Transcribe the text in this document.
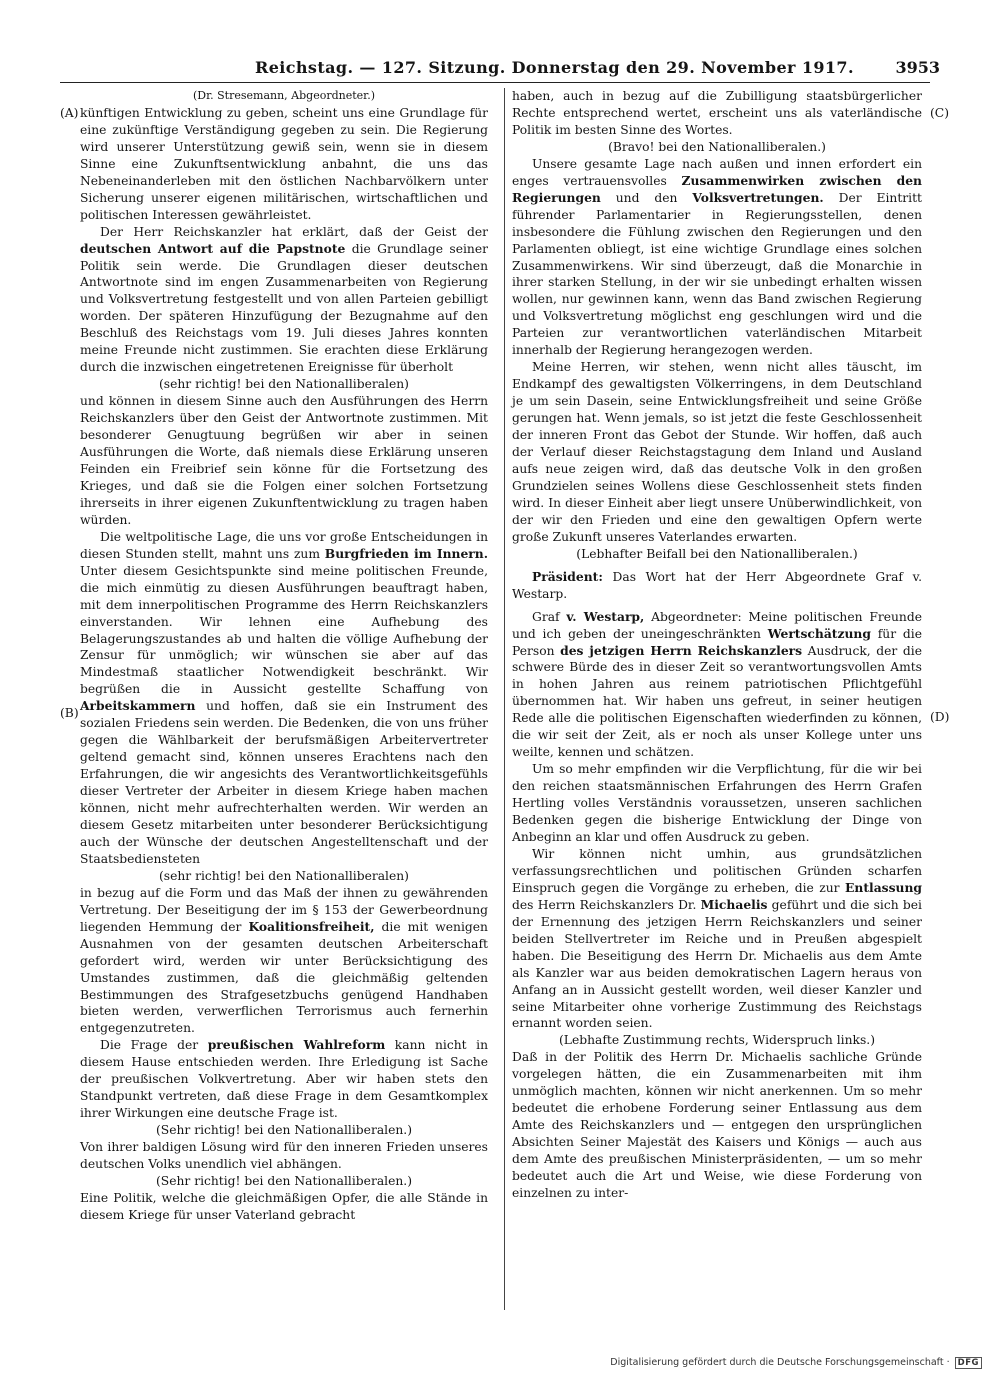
Reichstag. — 127. Sitzung. Donnerstag den 29. November 1917.	3953
(A)
(B)
(C)
(D)

(Dr. Stresemann, Abgeordneter.)

künftigen Entwicklung zu geben, scheint uns eine Grundlage für eine zukünftige Verständigung gegeben zu sein. Die Regierung wird unserer Unterstützung gewiß sein, wenn sie in diesem Sinne eine Zukunftsentwicklung anbahnt, die uns das Nebeneinanderleben mit den östlichen Nachbarvölkern unter Sicherung unserer eigenen militärischen, wirtschaftlichen und politischen Interessen gewährleistet.

Der Herr Reichskanzler hat erklärt, daß der Geist der deutschen Antwort auf die Papstnote die Grundlage seiner Politik sein werde. Die Grundlagen dieser deutschen Antwortnote sind im engen Zusammenarbeiten von Regierung und Volksvertretung festgestellt und von allen Parteien gebilligt worden. Der späteren Hinzufügung der Bezugnahme auf den Beschluß des Reichstags vom 19. Juli dieses Jahres konnten meine Freunde nicht zustimmen. Sie erachten diese Erklärung durch die inzwischen eingetretenen Ereignisse für überholt

(sehr richtig! bei den Nationalliberalen)

und können in diesem Sinne auch den Ausführungen des Herrn Reichskanzlers über den Geist der Antwortnote zustimmen. Mit besonderer Genugtuung begrüßen wir aber in seinen Ausführungen die Worte, daß niemals diese Erklärung unseren Feinden ein Freibrief sein könne für die Fortsetzung des Krieges, und daß sie die Folgen einer solchen Fortsetzung ihrerseits in ihrer eigenen Zukunftentwicklung zu tragen haben würden.

Die weltpolitische Lage, die uns vor große Entscheidungen in diesen Stunden stellt, mahnt uns zum Burgfrieden im Innern. Unter diesem Gesichtspunkte sind meine politischen Freunde, die mich einmütig zu diesen Ausführungen beauftragt haben, mit dem innerpolitischen Programme des Herrn Reichskanzlers einverstanden. Wir lehnen eine Aufhebung des Belagerungszustandes ab und halten die völlige Aufhebung der Zensur für unmöglich; wir wünschen sie aber auf das Mindestmaß staatlicher Notwendigkeit beschränkt. Wir begrüßen die in Aussicht gestellte Schaffung von Arbeitskammern und hoffen, daß sie ein Instrument des sozialen Friedens sein werden. Die Bedenken, die von uns früher gegen die Wählbarkeit der berufsmäßigen Arbeitervertreter geltend gemacht sind, können unseres Erachtens nach den Erfahrungen, die wir angesichts des Verantwortlichkeitsgefühls dieser Vertreter der Arbeiter in diesem Kriege haben machen können, nicht mehr aufrechterhalten werden. Wir werden an diesem Gesetz mitarbeiten unter besonderer Berücksichtigung auch der Wünsche der deutschen Angestelltenschaft und der Staatsbediensteten

(sehr richtig! bei den Nationalliberalen)

in bezug auf die Form und das Maß der ihnen zu gewährenden Vertretung. Der Beseitigung der im § 153 der Gewerbeordnung liegenden Hemmung der Koalitionsfreiheit, die mit wenigen Ausnahmen von der gesamten deutschen Arbeiterschaft gefordert wird, werden wir unter Berücksichtigung des Umstandes zustimmen, daß die gleichmäßig geltenden Bestimmungen des Strafgesetzbuchs genügend Handhaben bieten werden, verwerflichen Terrorismus auch fernerhin entgegenzutreten.

Die Frage der preußischen Wahlreform kann nicht in diesem Hause entschieden werden. Ihre Erledigung ist Sache der preußischen Volkvertretung. Aber wir haben stets den Standpunkt vertreten, daß diese Frage in dem Gesamtkomplex ihrer Wirkungen eine deutsche Frage ist.

(Sehr richtig! bei den Nationalliberalen.)

Von ihrer baldigen Lösung wird für den inneren Frieden unseres deutschen Volks unendlich viel abhängen.

(Sehr richtig! bei den Nationalliberalen.)

Eine Politik, welche die gleichmäßigen Opfer, die alle Stände in diesem Kriege für unser Vaterland gebracht

haben, auch in bezug auf die Zubilligung staatsbürgerlicher Rechte entsprechend wertet, erscheint uns als vaterländische Politik im besten Sinne des Wortes.

(Bravo! bei den Nationalliberalen.)

Unsere gesamte Lage nach außen und innen erfordert ein enges vertrauensvolles Zusammenwirken zwischen den Regierungen und den Volksvertretungen. Der Eintritt führender Parlamentarier in Regierungsstellen, denen insbesondere die Fühlung zwischen den Regierungen und den Parlamenten obliegt, ist eine wichtige Grundlage eines solchen Zusammenwirkens. Wir sind überzeugt, daß die Monarchie in ihrer starken Stellung, in der wir sie unbedingt erhalten wissen wollen, nur gewinnen kann, wenn das Band zwischen Regierung und Volksvertretung möglichst eng geschlungen wird und die Parteien zur verantwortlichen vaterländischen Mitarbeit innerhalb der Regierung herangezogen werden.

Meine Herren, wir stehen, wenn nicht alles täuscht, im Endkampf des gewaltigsten Völkerringens, in dem Deutschland je um sein Dasein, seine Entwicklungsfreiheit und seine Größe gerungen hat. Wenn jemals, so ist jetzt die feste Geschlossenheit der inneren Front das Gebot der Stunde. Wir hoffen, daß auch der Verlauf dieser Reichstagstagung dem Inland und Ausland aufs neue zeigen wird, daß das deutsche Volk in den großen Grundzielen seines Wollens diese Geschlossenheit stets finden wird. In dieser Einheit aber liegt unsere Unüberwindlichkeit, von der wir den Frieden und eine den gewaltigen Opfern werte große Zukunft unseres Vaterlandes erwarten.

(Lebhafter Beifall bei den Nationalliberalen.)

Präsident: Das Wort hat der Herr Abgeordnete Graf v. Westarp.

Graf v. Westarp, Abgeordneter: Meine politischen Freunde und ich geben der uneingeschränkten Wertschätzung für die Person des jetzigen Herrn Reichskanzlers Ausdruck, der die schwere Bürde des in dieser Zeit so verantwortungsvollen Amts in hohen Jahren aus reinem patriotischen Pflichtgefühl übernommen hat. Wir haben uns gefreut, in seiner heutigen Rede alle die politischen Eigenschaften wiederfinden zu können, die wir seit der Zeit, als er noch als unser Kollege unter uns weilte, kennen und schätzen.

Um so mehr empfinden wir die Verpflichtung, für die wir bei den reichen staatsmännischen Erfahrungen des Herrn Grafen Hertling volles Verständnis voraussetzen, unseren sachlichen Bedenken gegen die bisherige Entwicklung der Dinge von Anbeginn an klar und offen Ausdruck zu geben.

Wir können nicht umhin, aus grundsätzlichen verfassungsrechtlichen und politischen Gründen scharfen Einspruch gegen die Vorgänge zu erheben, die zur Entlassung des Herrn Reichskanzlers Dr. Michaelis geführt und die sich bei der Ernennung des jetzigen Herrn Reichskanzlers und seiner beiden Stellvertreter im Reiche und in Preußen abgespielt haben. Die Beseitigung des Herrn Dr. Michaelis aus dem Amte als Kanzler war aus beiden demokratischen Lagern heraus von Anfang an in Aussicht gestellt worden, weil dieser Kanzler und seine Mitarbeiter ohne vorherige Zustimmung des Reichstags ernannt worden seien.

(Lebhafte Zustimmung rechts, Widerspruch links.)

Daß in der Politik des Herrn Dr. Michaelis sachliche Gründe vorgelegen hätten, die ein Zusammenarbeiten mit ihm unmöglich machten, können wir nicht anerkennen. Um so mehr bedeutet die erhobene Forderung seiner Entlassung aus dem Amte des Reichskanzlers und — entgegen den ursprünglichen Absichten Seiner Majestät des Kaisers und Königs — auch aus dem Amte des preußischen Ministerpräsidenten, — um so mehr bedeutet auch die Art und Weise, wie diese Forderung von einzelnen zu inter-

Digitalisierung gefördert durch die Deutsche Forschungsgemeinschaft · DFG
